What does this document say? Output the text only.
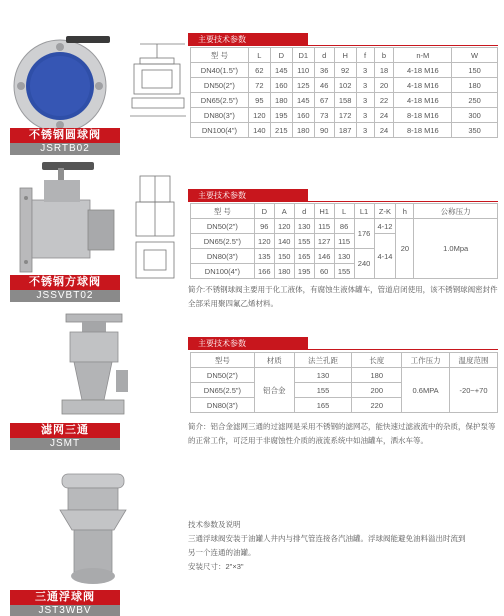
不锈钢圆球阀
JSRTB02
主要技术参数
型 号	L	D	D1	d	H	f	b	n-M	W
DN40(1.5")	62	145	110	36	92	3	18	4-18 M16	150
DN50(2")	72	160	125	46	102	3	20	4-18 M16	180
DN65(2.5")	95	180	145	67	158	3	22	4-18 M16	250
DN80(3")	120	195	160	73	172	3	24	8-18 M16	300
DN100(4")	140	215	180	90	187	3	24	8-18 M16	350
不锈钢方球阀
JSSVBT02
主要技术参数
型 号	D	A	d	H1	L	L1	Z-K	h	公称压力
DN50(2")	96	120	130	115	86	176	4-12	20	1.0Mpa
DN65(2.5")	120	140	155	127	115		4-14		
DN80(3")	135	150	165	146	130	240			
DN100(4")	166	180	195	60	155				
简介:不锈钢球阀主要用于化工液体，有腐蚀生液体罐车，管道启闭使用，该不锈钢球阀密封件全部采用聚四氟乙烯材料。
滤网三通
JSMT
主要技术参数
型号	材质	法兰孔距	长度	工作压力	温度范围
DN50(2")	铝合金	130	180	0.6MPA	-20~+70
DN65(2.5")		155	200		
DN80(3")		165	220		
简介：铝合金滤网三通的过滤网是采用不锈钢的滤网芯，能快速过滤液流中的杂质，保护泵等的正常工作，可泛用于非腐蚀性介质的液流系统中如油罐车，洒水车等。
三通浮球阀
JST3WBV
技术参数及说明
三通浮球阀安装于油罐人井内与排气管连接各汽油罐。浮球阀能避免油料溢出时流到
另一个连通的油罐。
安装尺寸：2"×3"
